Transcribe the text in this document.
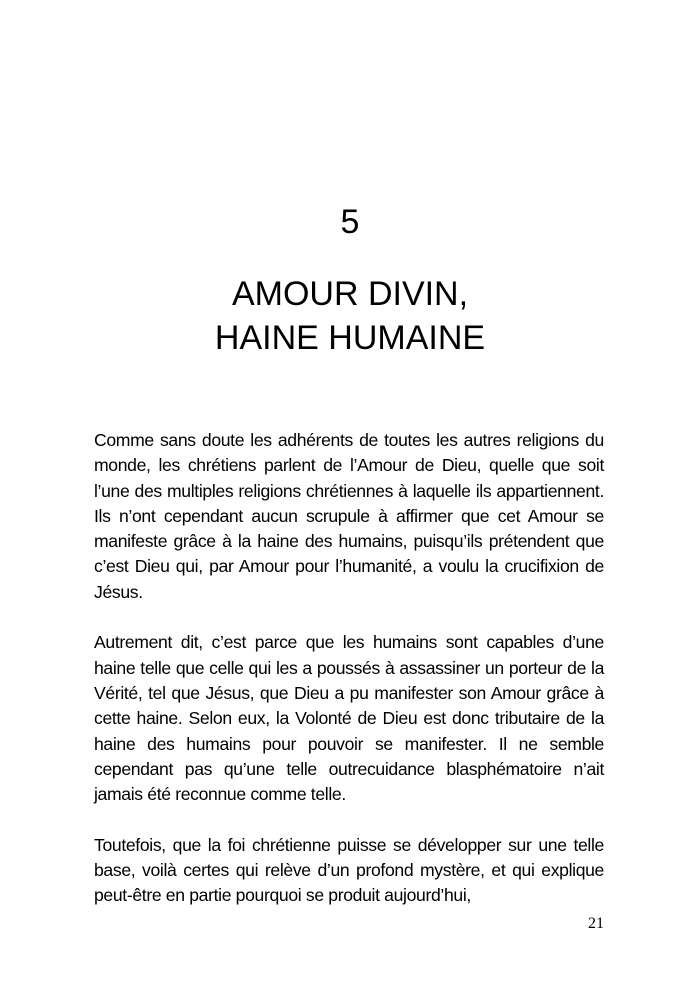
5
AMOUR DIVIN,
HAINE HUMAINE

Comme sans doute les adhérents de toutes les autres religions du monde, les chrétiens parlent de l’Amour de Dieu, quelle que soit l’une des multiples religions chrétiennes à laquelle ils appartiennent. Ils n’ont cependant aucun scrupule à affirmer que cet Amour se manifeste grâce à la haine des humains, puisqu’ils prétendent que c’est Dieu qui, par Amour pour l’humanité, a voulu la crucifixion de Jésus.

Autrement dit, c’est parce que les humains sont capables d’une haine telle que celle qui les a poussés à assassiner un porteur de la Vérité, tel que Jésus, que Dieu a pu manifester son Amour grâce à cette haine. Selon eux, la Volonté de Dieu est donc tributaire de la haine des humains pour pouvoir se manifester. Il ne semble cependant pas qu’une telle outrecuidance blasphématoire n’ait jamais été reconnue comme telle.

Toutefois, que la foi chrétienne puisse se développer sur une telle base, voilà certes qui relève d’un profond mystère, et qui explique peut-être en partie pourquoi se produit aujourd’hui,

21
